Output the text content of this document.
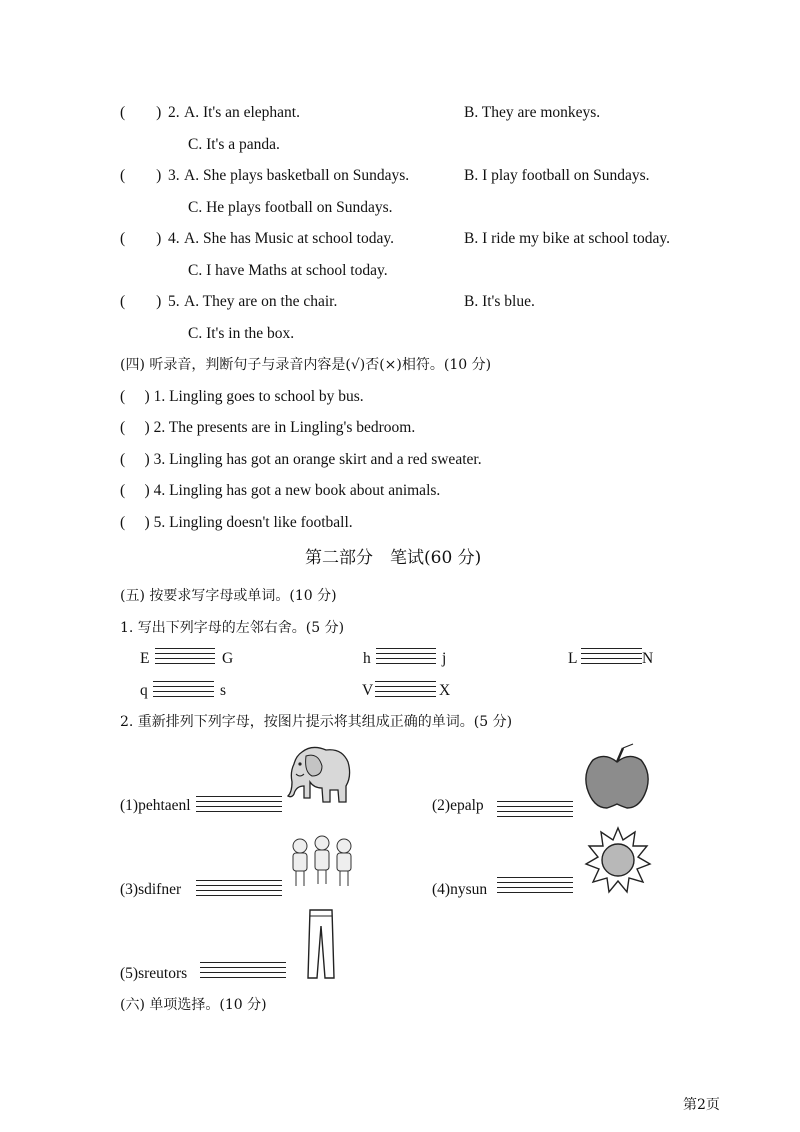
(　　) 2. A. It's an elephant.	B. They are monkeys.
C. It's a panda.
(　　) 3. A. She plays basketball on Sundays.	B. I play football on Sundays.
C. He plays football on Sundays.
(　　) 4. A. She has Music at school today.	B. I ride my bike at school today.
C. I have Maths at school today.
(　　) 5. A. They are on the chair.	B. It's blue.
C. It's in the box.
(四) 听录音，判断句子与录音内容是(√)否(×)相符。(10 分)
(     ) 1. Lingling goes to school by bus.
(     ) 2. The presents are in Lingling's bedroom.
(     ) 3. Lingling has got an orange skirt and a red sweater.
(     ) 4. Lingling has got a new book about animals.
(     ) 5. Lingling doesn't like football.
第二部分　笔试(60 分)
(五) 按要求写字母或单词。(10 分)
1. 写出下列字母的左邻右舍。(5 分)
E	G	h	j	L	N
q	s	V	X
2. 重新排列下列字母，按图片提示将其组成正确的单词。(5 分)
(1)pehtaenl	(2)epalp
(3)sdifner	(4)nysun
(5)sreutors
(六) 单项选择。(10 分)
第2页
